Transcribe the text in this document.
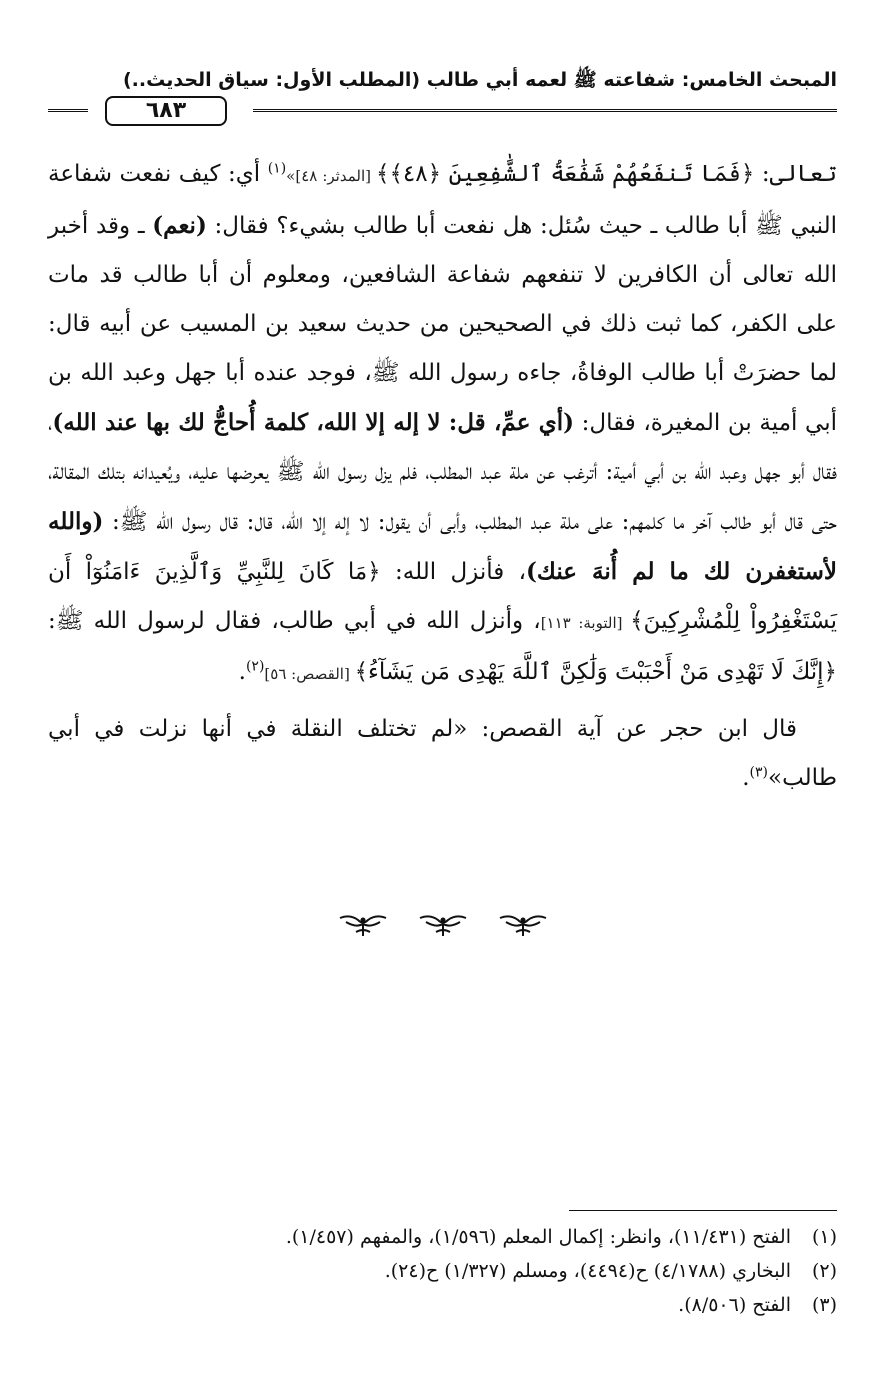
المبحث الخامس: شفاعته ﷺ لعمه أبي طالب (المطلب الأول: سياق الحديث..)
٦٨٣

تعالى: ﴿فَمَا تَنفَعُهُمْ شَفَٰعَةُ ٱلشَّٰفِعِينَ ﴿٤٨﴾﴾ [المدثر: ٤٨]»$^{(١)}$ أي: كيف نفعت شفاعة النبي ﷺ أبا طالب ـ حيث سُئل: هل نفعت أبا طالب بشيء؟ فقال: (نعم) ـ وقد أخبر الله تعالى أن الكافرين لا تنفعهم شفاعة الشافعين، ومعلوم أن أبا طالب قد مات على الكفر، كما ثبت ذلك في الصحيحين من حديث سعيد بن المسيب عن أبيه قال: لما حضرَتْ أبا طالب الوفاةُ، جاءه رسول الله ﷺ، فوجد عنده أبا جهل وعبد الله بن أبي أمية بن المغيرة، فقال: (أي عمِّ، قل: لا إله إلا الله، كلمة أُحاجُّ لك بها عند الله)، فقال أبو جهل وعبد الله بن أبي أمية: أترغب عن ملة عبد المطلب، فلم يزل رسول الله ﷺ يعرضها عليه، ويُعيدانه بتلك المقالة، حتى قال أبو طالب آخر ما كلمهم: على ملة عبد المطلب، وأبى أن يقول: لا إله إلا الله، قال: قال رسول الله ﷺ: (والله لأستغفرن لك ما لم أُنهَ عنك)، فأنزل الله: ﴿مَا كَانَ لِلنَّبِيِّ وَٱلَّذِينَ ءَامَنُوٓاْ أَن يَسْتَغْفِرُواْ لِلْمُشْرِكِينَ﴾ [التوبة: ١١٣]، وأنزل الله في أبي طالب، فقال لرسول الله ﷺ: ﴿إِنَّكَ لَا تَهْدِى مَنْ أَحْبَبْتَ وَلَٰكِنَّ ٱللَّهَ يَهْدِى مَن يَشَآءُ﴾ [القصص: ٥٦]$^{(٢)}$.

قال ابن حجر عن آية القصص: «لم تختلف النقلة في أنها نزلت في أبي طالب»$^{(٣)}$.

(١)
الفتح (١١/٤٣١)، وانظر: إكمال المعلم (١/٥٩٦)، والمفهم (١/٤٥٧).
(٢)
البخاري (٤/١٧٨٨) ح(٤٤٩٤)، ومسلم (١/٣٢٧) ح(٢٤).
(٣)
الفتح (٨/٥٠٦).
